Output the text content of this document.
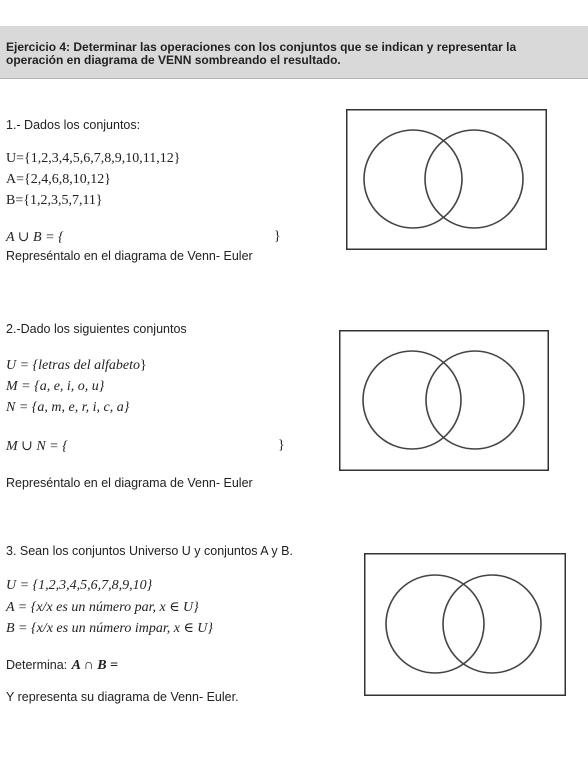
Ejercicio 4: Determinar las operaciones con los conjuntos que se indican y representar la
operación en diagrama de VENN sombreando el resultado.

1.- Dados los conjuntos:
U={1,2,3,4,5,6,7,8,9,10,11,12}
A={2,4,6,8,10,12}
B={1,2,3,5,7,11}
A ∪ B = {	}
Represéntalo en el diagrama de Venn- Euler
2.-Dado los siguientes conjuntos
U = {letras del alfabeto}
M = {a, e, i, o, u}
N = {a, m, e, r, i, c, a}
M ∪ N = {	}
Represéntalo en el diagrama de Venn- Euler
3. Sean los conjuntos Universo U y conjuntos A y B.
U = {1,2,3,4,5,6,7,8,9,10}
A = {x/x es un número par, x ∈ U}
B = {x/x es un número impar, x ∈ U}
Determina: A ∩ B =
Y representa su diagrama de Venn- Euler.
